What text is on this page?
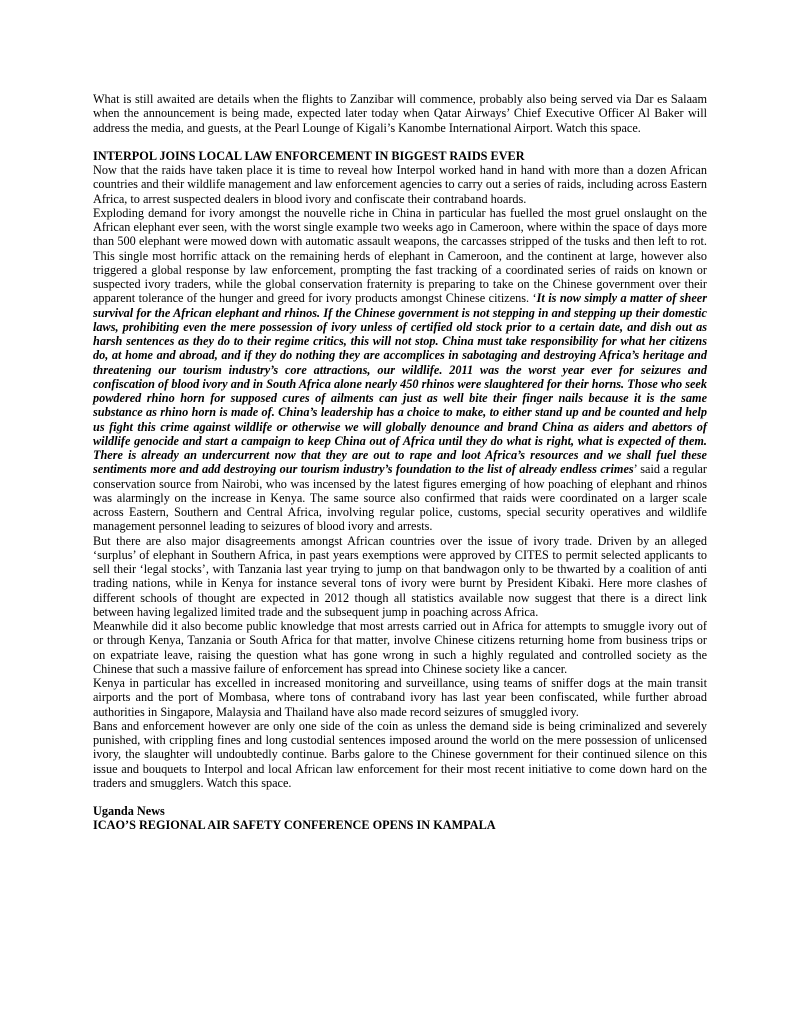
What is still awaited are details when the flights to Zanzibar will commence, probably also being served via Dar es Salaam when the announcement is being made, expected later today when Qatar Airways’ Chief Executive Officer Al Baker will address the media, and guests, at the Pearl Lounge of Kigali’s Kanombe International Airport. Watch this space.

INTERPOL JOINS LOCAL LAW ENFORCEMENT IN BIGGEST RAIDS EVER

Now that the raids have taken place it is time to reveal how Interpol worked hand in hand with more than a dozen African countries and their wildlife management and law enforcement agencies to carry out a series of raids, including across Eastern Africa, to arrest suspected dealers in blood ivory and confiscate their contraband hoards.

Exploding demand for ivory amongst the nouvelle riche in China in particular has fuelled the most gruel onslaught on the African elephant ever seen, with the worst single example two weeks ago in Cameroon, where within the space of days more than 500 elephant were mowed down with automatic assault weapons, the carcasses stripped of the tusks and then left to rot. This single most horrific attack on the remaining herds of elephant in Cameroon, and the continent at large, however also triggered a global response by law enforcement, prompting the fast tracking of a coordinated series of raids on known or suspected ivory traders, while the global conservation fraternity is preparing to take on the Chinese government over their apparent tolerance of the hunger and greed for ivory products amongst Chinese citizens. ‘It is now simply a matter of sheer survival for the African elephant and rhinos. If the Chinese government is not stepping in and stepping up their domestic laws, prohibiting even the mere possession of ivory unless of certified old stock prior to a certain date, and dish out as harsh sentences as they do to their regime critics, this will not stop. China must take responsibility for what her citizens do, at home and abroad, and if they do nothing they are accomplices in sabotaging and destroying Africa’s heritage and threatening our tourism industry’s core attractions, our wildlife. 2011 was the worst year ever for seizures and confiscation of blood ivory and in South Africa alone nearly 450 rhinos were slaughtered for their horns. Those who seek powdered rhino horn for supposed cures of ailments can just as well bite their finger nails because it is the same substance as rhino horn is made of. China’s leadership has a choice to make, to either stand up and be counted and help us fight this crime against wildlife or otherwise we will globally denounce and brand China as aiders and abettors of wildlife genocide and start a campaign to keep China out of Africa until they do what is right, what is expected of them. There is already an undercurrent now that they are out to rape and loot Africa’s resources and we shall fuel these sentiments more and add destroying our tourism industry’s foundation to the list of already endless crimes’ said a regular conservation source from Nairobi, who was incensed by the latest figures emerging of how poaching of elephant and rhinos was alarmingly on the increase in Kenya. The same source also confirmed that raids were coordinated on a larger scale across Eastern, Southern and Central Africa, involving regular police, customs, special security operatives and wildlife management personnel leading to seizures of blood ivory and arrests.

But there are also major disagreements amongst African countries over the issue of ivory trade. Driven by an alleged ‘surplus’ of elephant in Southern Africa, in past years exemptions were approved by CITES to permit selected applicants to sell their ‘legal stocks’, with Tanzania last year trying to jump on that bandwagon only to be thwarted by a coalition of anti trading nations, while in Kenya for instance several tons of ivory were burnt by President Kibaki. Here more clashes of different schools of thought are expected in 2012 though all statistics available now suggest that there is a direct link between having legalized limited trade and the subsequent jump in poaching across Africa.

Meanwhile did it also become public knowledge that most arrests carried out in Africa for attempts to smuggle ivory out of or through Kenya, Tanzania or South Africa for that matter, involve Chinese citizens returning home from business trips or on expatriate leave, raising the question what has gone wrong in such a highly regulated and controlled society as the Chinese that such a massive failure of enforcement has spread into Chinese society like a cancer.

Kenya in particular has excelled in increased monitoring and surveillance, using teams of sniffer dogs at the main transit airports and the port of Mombasa, where tons of contraband ivory has last year been confiscated, while further abroad authorities in Singapore, Malaysia and Thailand have also made record seizures of smuggled ivory.

Bans and enforcement however are only one side of the coin as unless the demand side is being criminalized and severely punished, with crippling fines and long custodial sentences imposed around the world on the mere possession of unlicensed ivory, the slaughter will undoubtedly continue. Barbs galore to the Chinese government for their continued silence on this issue and bouquets to Interpol and local African law enforcement for their most recent initiative to come down hard on the traders and smugglers. Watch this space.

Uganda News

ICAO’S REGIONAL AIR SAFETY CONFERENCE OPENS IN KAMPALA
